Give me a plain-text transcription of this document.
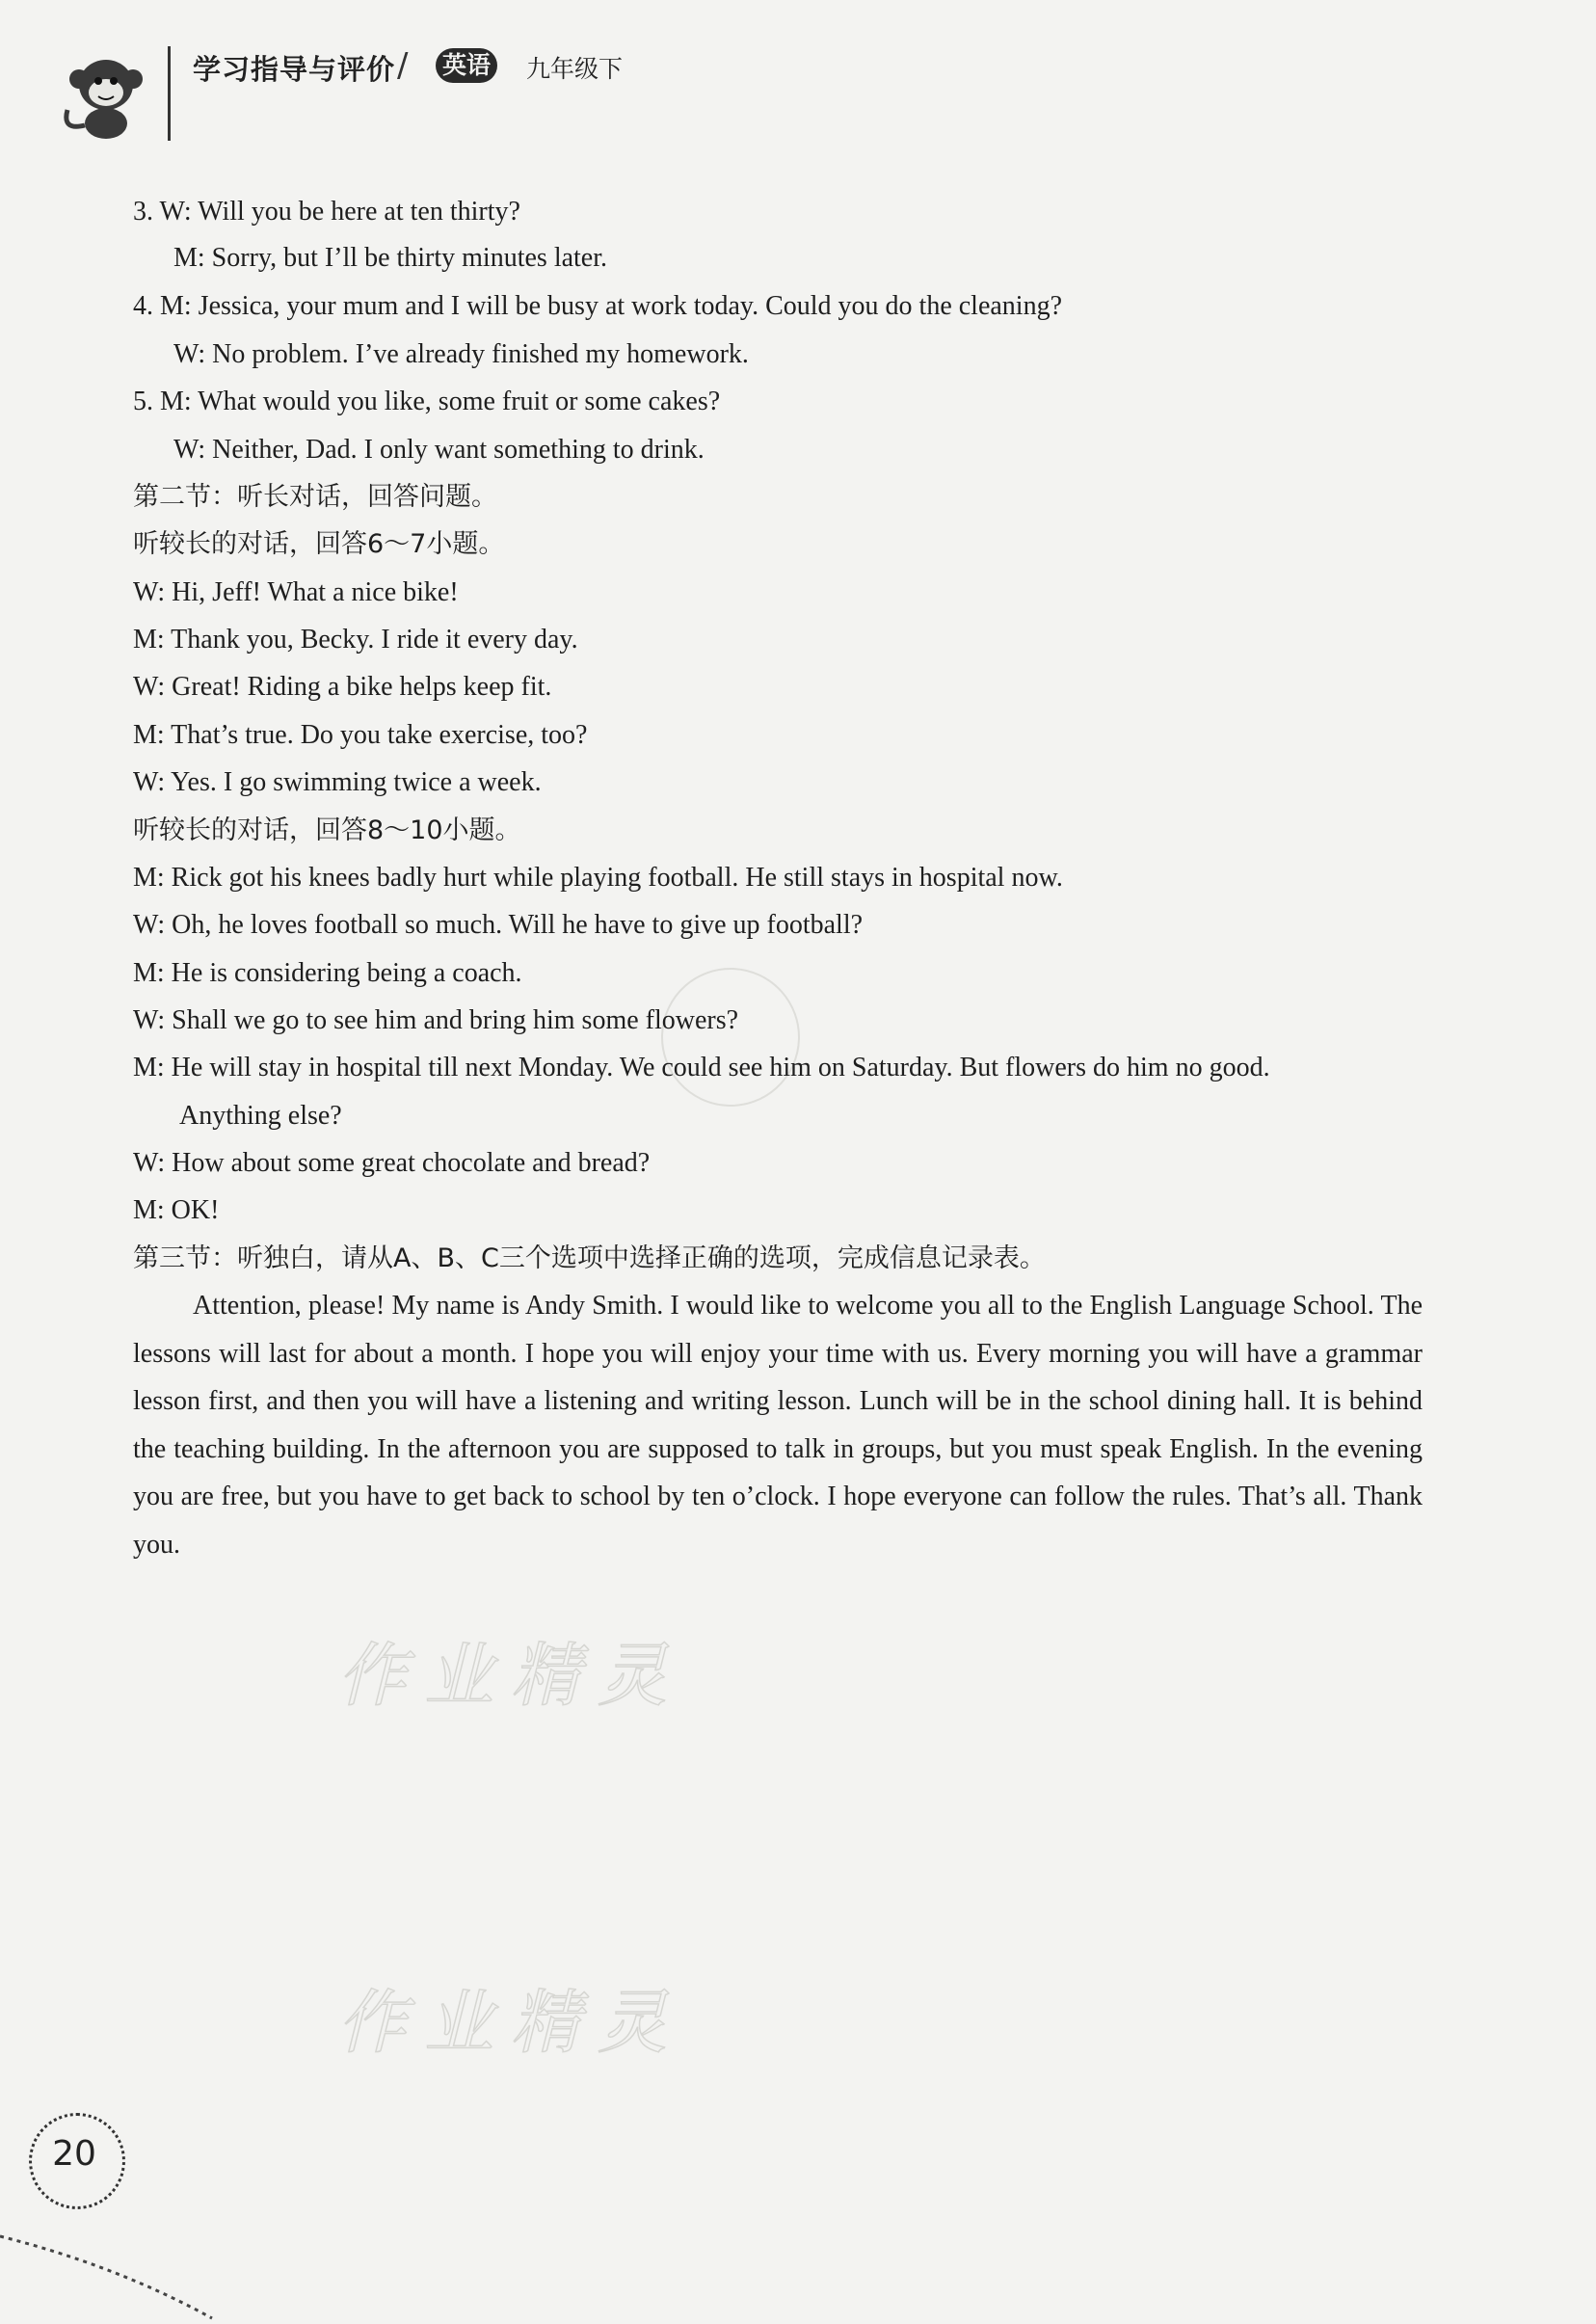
学习指导与评价 / 英语 九年级下
作业精灵
作业精灵
3. W: Will you be here at ten thirty?
M: Sorry, but I’ll be thirty minutes later.
4. M: Jessica, your mum and I will be busy at work today. Could you do the cleaning?
W: No problem. I’ve already finished my homework.
5. M: What would you like, some fruit or some cakes?
W: Neither, Dad. I only want something to drink.
第二节：听长对话，回答问题。
听较长的对话，回答6～7小题。
W: Hi, Jeff! What a nice bike!
M: Thank you, Becky. I ride it every day.
W: Great! Riding a bike helps keep fit.
M: That’s true. Do you take exercise, too?
W: Yes. I go swimming twice a week.
听较长的对话，回答8～10小题。
M: Rick got his knees badly hurt while playing football. He still stays in hospital now.
W: Oh, he loves football so much. Will he have to give up football?
M: He is considering being a coach.
W: Shall we go to see him and bring him some flowers?
M: He will stay in hospital till next Monday. We could see him on Saturday. But flowers do him no good.
Anything else?
W: How about some great chocolate and bread?
M: OK!
第三节：听独白，请从A、B、C三个选项中选择正确的选项，完成信息记录表。
Attention, please! My name is Andy Smith. I would like to welcome you all to the English Language School. The lessons will last for about a month. I hope you will enjoy your time with us. Every morning you will have a grammar lesson first, and then you will have a listening and writing lesson. Lunch will be in the school dining hall. It is behind the teaching building. In the afternoon you are supposed to talk in groups, but you must speak English. In the evening you are free, but you have to get back to school by ten o’clock. I hope everyone can follow the rules. That’s all. Thank you.
20
